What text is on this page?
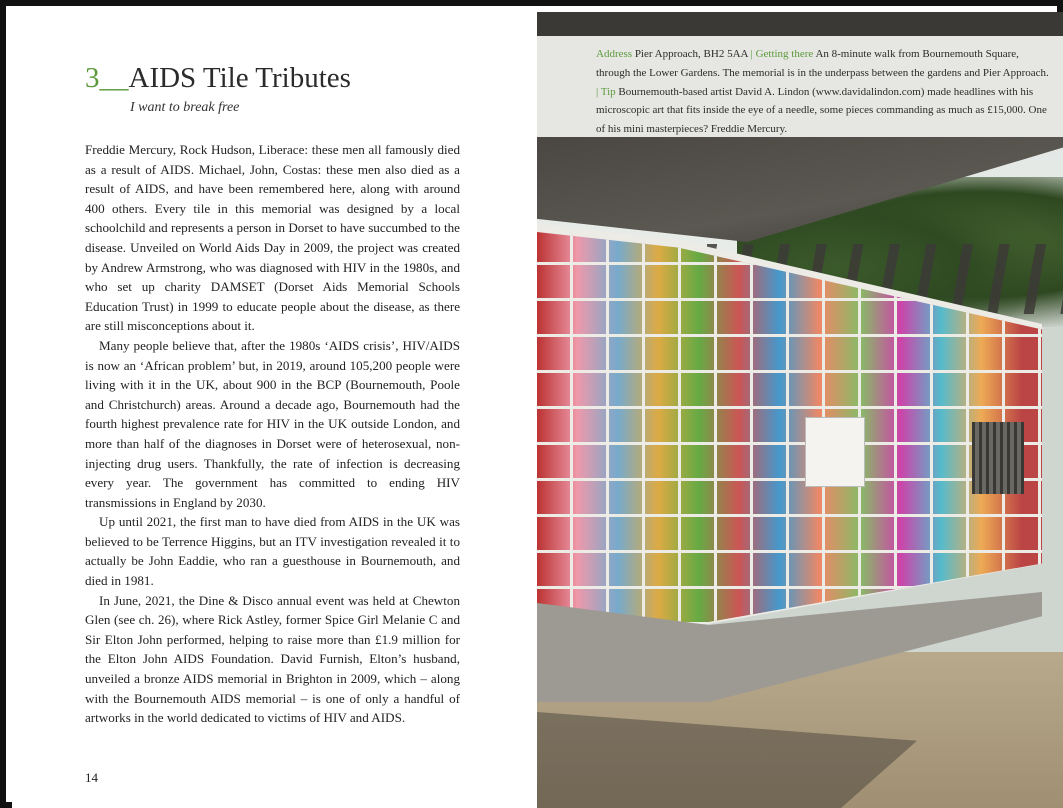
3__AIDS Tile Tributes
I want to break free

Freddie Mercury, Rock Hudson, Liberace: these men all famously died as a result of AIDS. Michael, John, Costas: these men also died as a result of AIDS, and have been remembered here, along with around 400 others. Every tile in this memorial was designed by a local schoolchild and represents a person in Dorset to have succumbed to the disease. Unveiled on World Aids Day in 2009, the project was created by Andrew Armstrong, who was diagnosed with HIV in the 1980s, and who set up charity DAMSET (Dorset Aids Memorial Schools Education Trust) in 1999 to educate people about the disease, as there are still misconceptions about it.

Many people believe that, after the 1980s ‘AIDS crisis’, HIV/AIDS is now an ‘African problem’ but, in 2019, around 105,200 people were living with it in the UK, about 900 in the BCP (Bournemouth, Poole and Christchurch) areas. Around a decade ago, Bournemouth had the fourth highest prevalence rate for HIV in the UK outside London, and more than half of the diagnoses in Dorset were of heterosexual, non-injecting drug users. Thankfully, the rate of infection is decreasing every year. The government has committed to ending HIV transmissions in England by 2030.

Up until 2021, the first man to have died from AIDS in the UK was believed to be Terrence Higgins, but an ITV investigation revealed it to actually be John Eaddie, who ran a guesthouse in Bournemouth, and died in 1981.

In June, 2021, the Dine & Disco annual event was held at Chewton Glen (see ch. 26), where Rick Astley, former Spice Girl Melanie C and Sir Elton John performed, helping to raise more than £1.9 million for the Elton John AIDS Foundation. David Furnish, Elton’s husband, unveiled a bronze AIDS memorial in Brighton in 2009, which – along with the Bournemouth AIDS memorial – is one of only a handful of artworks in the world dedicated to victims of HIV and AIDS.

14
Address Pier Approach, BH2 5AA | Getting there An 8-minute walk from Bournemouth Square, through the Lower Gardens. The memorial is in the underpass between the gardens and Pier Approach. | Tip Bournemouth-based artist David A. Lindon (www.davidalindon.com) made headlines with his microscopic art that fits inside the eye of a needle, some pieces commanding as much as £15,000. One of his mini masterpieces? Freddie Mercury.
